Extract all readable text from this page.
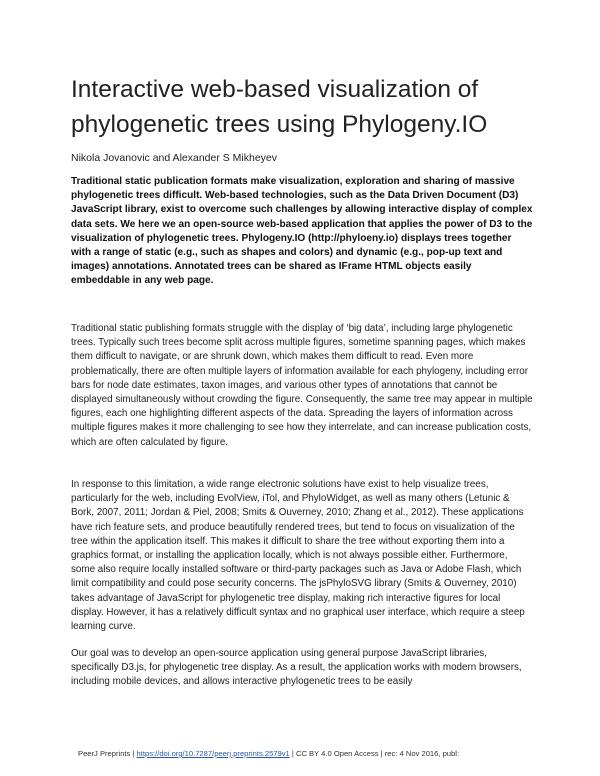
Interactive web-based visualization of phylogenetic trees using Phylogeny.IO
Nikola Jovanovic and Alexander S Mikheyev

Traditional static publication formats make visualization, exploration and sharing of massive phylogenetic trees difficult. Web-based technologies, such as the Data Driven Document (D3) JavaScript library, exist to overcome such challenges by allowing interactive display of complex data sets. We here we an open-source web-based application that applies the power of D3 to the visualization of phylogenetic trees. Phylogeny.IO (http://phyloeny.io) displays trees together with a range of static (e.g., such as shapes and colors) and dynamic (e.g., pop-up text and images) annotations. Annotated trees can be shared as IFrame HTML objects easily embeddable in any web page.

Traditional static publishing formats struggle with the display of ‘big data’, including large phylogenetic trees. Typically such trees become split across multiple figures, sometime spanning pages, which makes them difficult to navigate, or are shrunk down, which makes them difficult to read. Even more problematically, there are often multiple layers of information available for each phylogeny, including error bars for node date estimates, taxon images, and various other types of annotations that cannot be displayed simultaneously without crowding the figure. Consequently, the same tree may appear in multiple figures, each one highlighting different aspects of the data. Spreading the layers of information across multiple figures makes it more challenging to see how they interrelate, and can increase publication costs, which are often calculated by figure.

In response to this limitation, a wide range electronic solutions have exist to help visualize trees, particularly for the web, including EvolView, iTol, and PhyloWidget, as well as many others (Letunic & Bork, 2007, 2011; Jordan & Piel, 2008; Smits & Ouverney, 2010; Zhang et al., 2012). These applications have rich feature sets, and produce beautifully rendered trees, but tend to focus on visualization of the tree within the application itself. This makes it difficult to share the tree without exporting them into a graphics format, or installing the application locally, which is not always possible either. Furthermore, some also require locally installed software or third-party packages such as Java or Adobe Flash, which limit compatibility and could pose security concerns. The jsPhyloSVG library (Smits & Ouverney, 2010) takes advantage of JavaScript for phylogenetic tree display, making rich interactive figures for local display. However, it has a relatively difficult syntax and no graphical user interface, which require a steep learning curve.

Our goal was to develop an open-source application using general purpose JavaScript libraries, specifically D3.js, for phylogenetic tree display. As a result, the application works with modern browsers, including mobile devices, and allows interactive phylogenetic trees to be easily

PeerJ Preprints | https://doi.org/10.7287/peerj.preprints.2579v1 | CC BY 4.0 Open Access | rec: 4 Nov 2016, publ:
